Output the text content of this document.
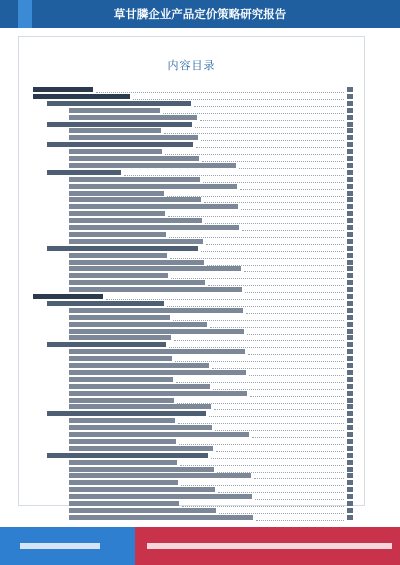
草甘膦企业产品定价策略研究报告
内容目录
